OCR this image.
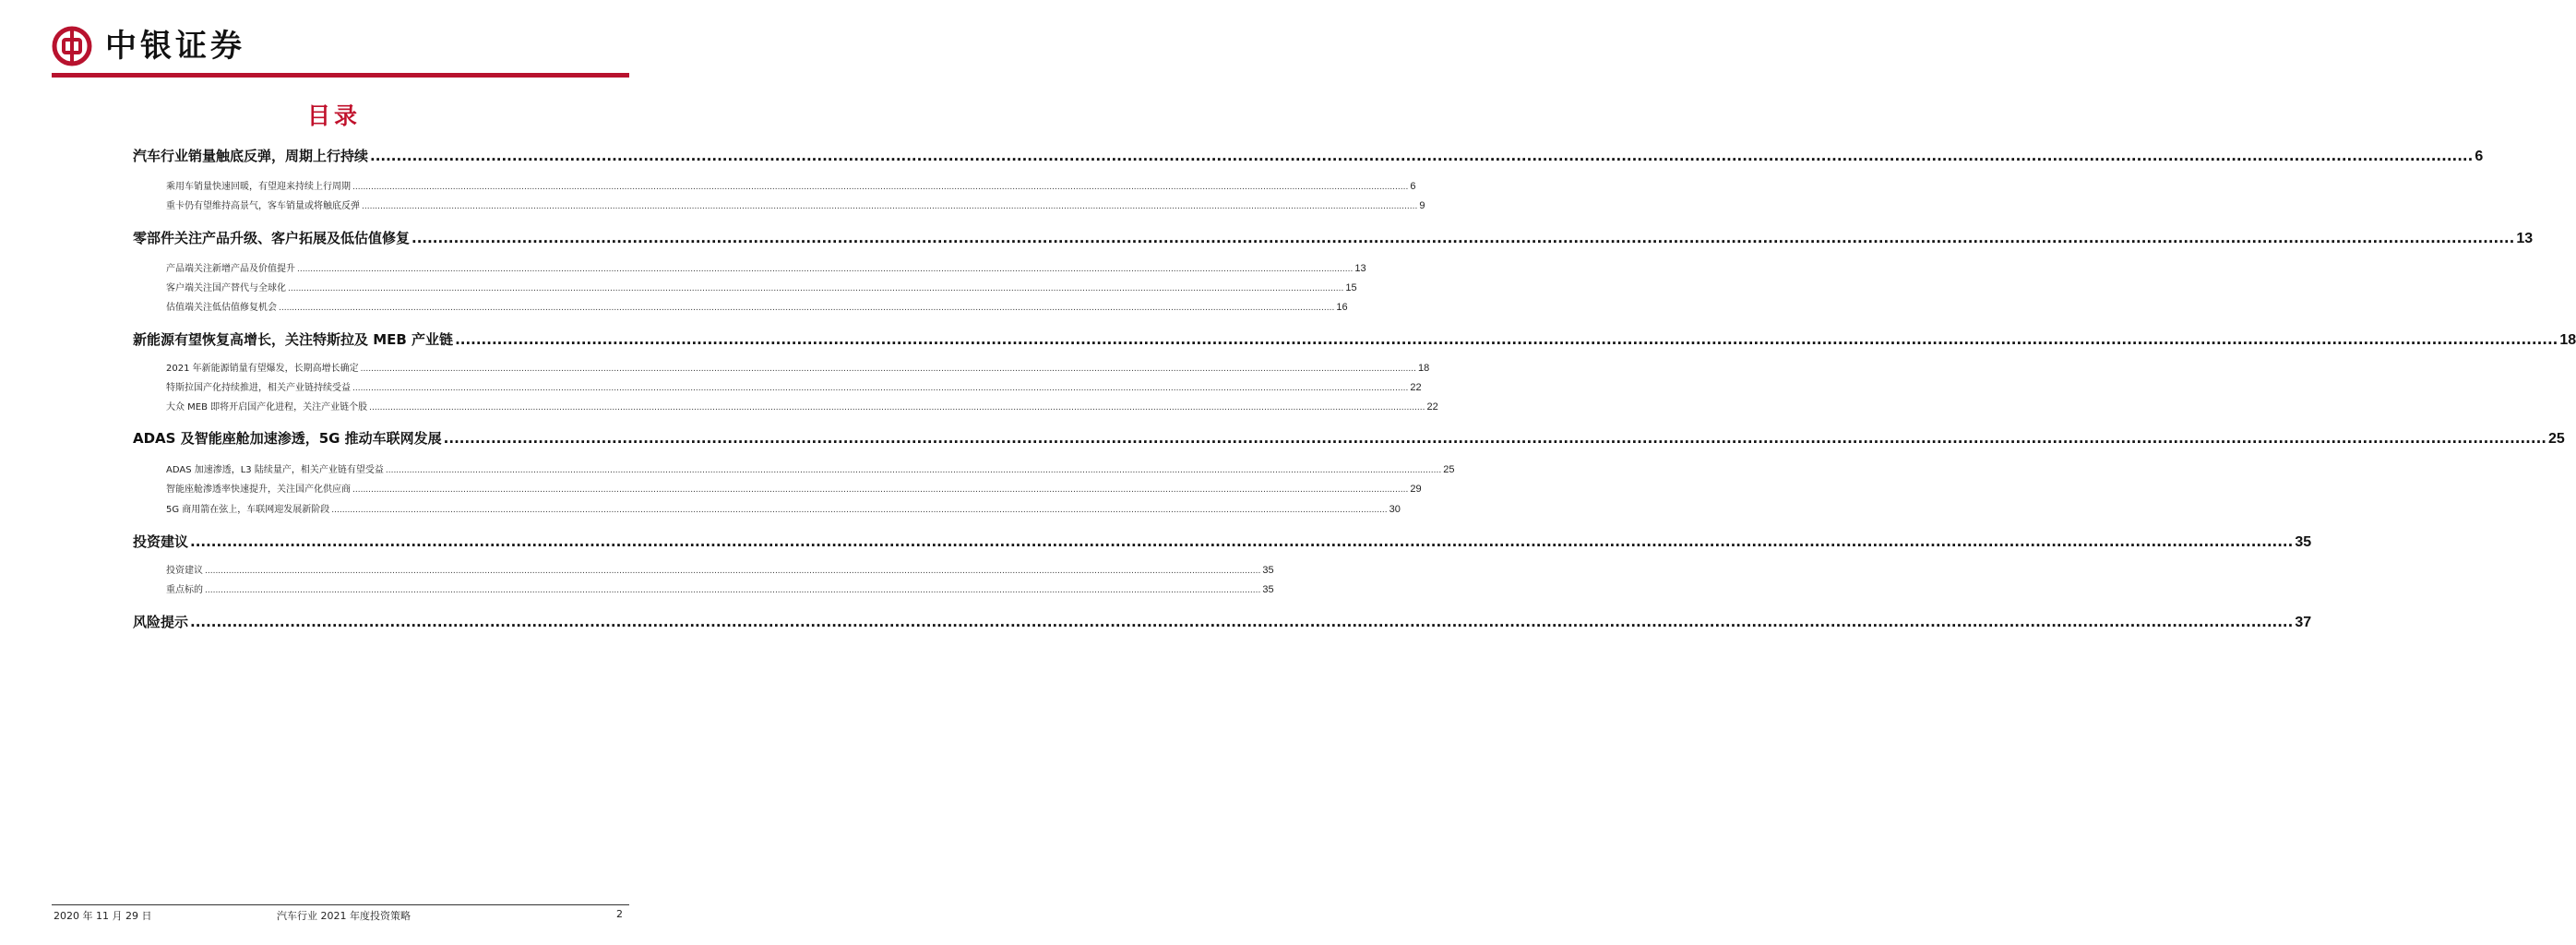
中银证券
目录
汽车行业销量触底反弹，周期上行持续 ................................................................................................................................................................................................................................................................................................................................................................................................................ 6
乘用车销量快速回暖，有望迎来持续上行周期 ................................................................................................................................................................................................................................................................................................................................................................................................................ 6
重卡仍有望维持高景气，客车销量或将触底反弹 ................................................................................................................................................................................................................................................................................................................................................................................................................ 9
零部件关注产品升级、客户拓展及低估值修复 ................................................................................................................................................................................................................................................................................................................................................................................................................ 13
产品端关注新增产品及价值提升 ................................................................................................................................................................................................................................................................................................................................................................................................................ 13
客户端关注国产替代与全球化 ................................................................................................................................................................................................................................................................................................................................................................................................................ 15
估值端关注低估值修复机会 ................................................................................................................................................................................................................................................................................................................................................................................................................ 16
新能源有望恢复高增长，关注特斯拉及 MEB 产业链 ................................................................................................................................................................................................................................................................................................................................................................................................................ 18
2021 年新能源销量有望爆发，长期高增长确定 ................................................................................................................................................................................................................................................................................................................................................................................................................ 18
特斯拉国产化持续推进，相关产业链持续受益 ................................................................................................................................................................................................................................................................................................................................................................................................................ 22
大众 MEB 即将开启国产化进程，关注产业链个股 ................................................................................................................................................................................................................................................................................................................................................................................................................ 22
ADAS 及智能座舱加速渗透，5G 推动车联网发展 ................................................................................................................................................................................................................................................................................................................................................................................................................ 25
ADAS 加速渗透，L3 陆续量产，相关产业链有望受益 ................................................................................................................................................................................................................................................................................................................................................................................................................ 25
智能座舱渗透率快速提升，关注国产化供应商 ................................................................................................................................................................................................................................................................................................................................................................................................................ 29
5G 商用箭在弦上，车联网迎发展新阶段 ................................................................................................................................................................................................................................................................................................................................................................................................................ 30
投资建议 ................................................................................................................................................................................................................................................................................................................................................................................................................ 35
投资建议 ................................................................................................................................................................................................................................................................................................................................................................................................................ 35
重点标的 ................................................................................................................................................................................................................................................................................................................................................................................................................ 35
风险提示 ................................................................................................................................................................................................................................................................................................................................................................................................................ 37
2020 年 11 月 29 日	汽车行业 2021 年度投资策略	2
